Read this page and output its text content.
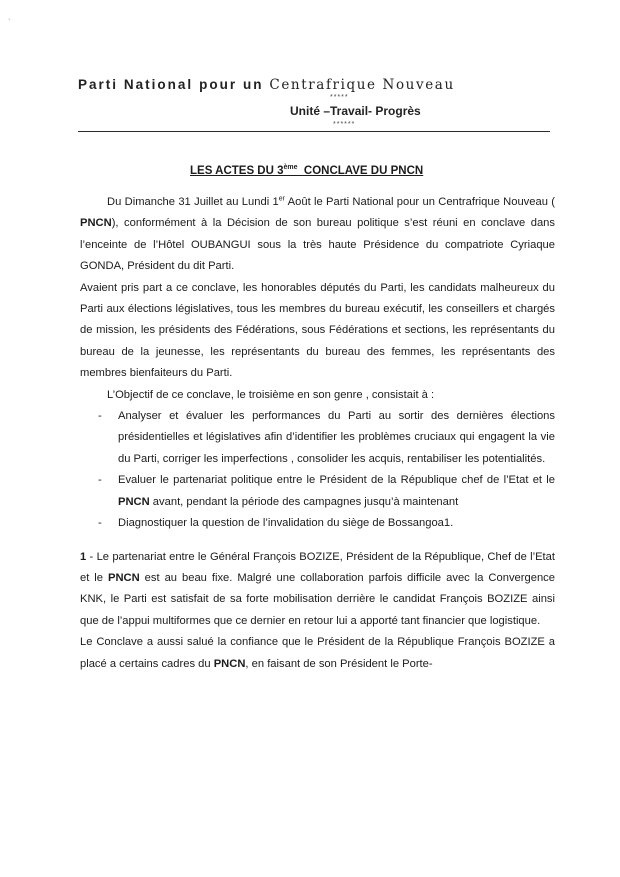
`
Parti National pour un Centrafrique Nouveau
*****
Unité –Travail- Progrès
******
LES ACTES DU 3ème  CONCLAVE DU PNCN

Du Dimanche 31 Juillet au Lundi 1er Août le Parti National pour un Centrafrique Nouveau ( PNCN), conformément à la Décision de son bureau politique s’est réuni en conclave dans l’enceinte de l’Hôtel OUBANGUI sous la très haute Présidence du compatriote Cyriaque GONDA, Président du dit Parti.

Avaient pris part a ce conclave, les honorables députés du Parti, les candidats malheureux du Parti aux élections législatives, tous les membres du bureau exécutif, les conseillers et chargés de mission, les présidents des Fédérations, sous Fédérations et sections, les représentants du bureau de la jeunesse, les représentants du bureau des femmes, les représentants des membres bienfaiteurs du Parti.

L’Objectif de ce conclave, le troisième en son genre , consistait à :

- Analyser et évaluer les performances du Parti au sortir des dernières élections présidentielles et législatives afin d’identifier les problèmes cruciaux qui engagent la vie du Parti, corriger les imperfections , consolider les acquis, rentabiliser les potentialités.
- Evaluer le partenariat politique entre le Président de la République chef de l’Etat et le PNCN avant, pendant la période des campagnes jusqu’à maintenant
- Diagnostiquer la question de l’invalidation du siège de Bossangoa1.

1 - Le partenariat entre le Général François BOZIZE, Président de la République, Chef de l’Etat et le PNCN est au beau fixe. Malgré une collaboration parfois difficile avec la Convergence KNK, le Parti est satisfait de sa forte mobilisation derrière le candidat François BOZIZE ainsi que de l’appui multiformes que ce dernier en retour lui a apporté tant financier que logistique.

Le Conclave a aussi salué la confiance que le Président de la République François BOZIZE a placé a certains cadres du PNCN, en faisant de son Président le Porte-
